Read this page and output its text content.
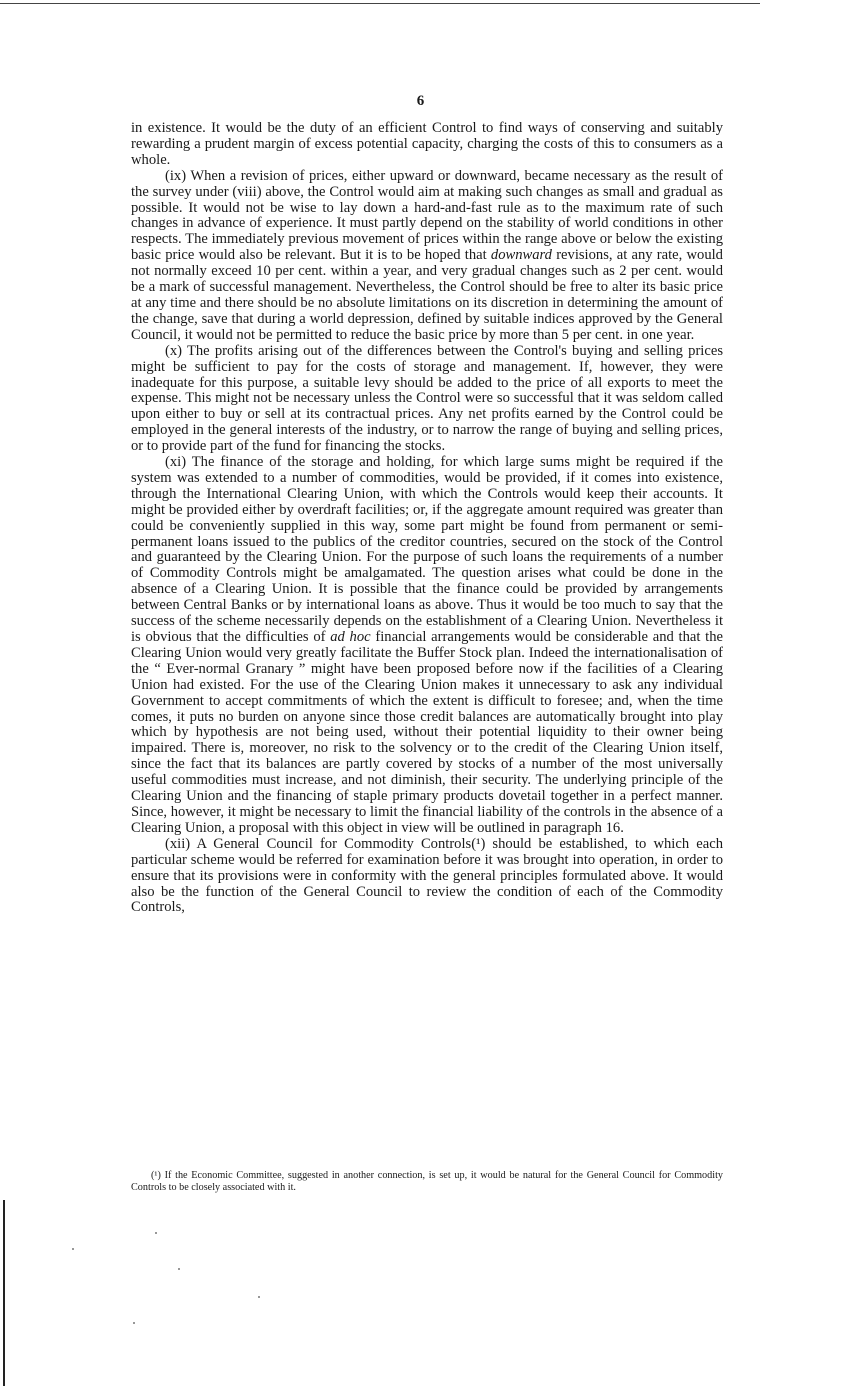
6

in existence. It would be the duty of an efficient Control to find ways of conserving and suitably rewarding a prudent margin of excess potential capacity, charging the costs of this to consumers as a whole.

(ix) When a revision of prices, either upward or downward, became necessary as the result of the survey under (viii) above, the Control would aim at making such changes as small and gradual as possible. It would not be wise to lay down a hard-and-fast rule as to the maximum rate of such changes in advance of experience. It must partly depend on the stability of world conditions in other respects. The immediately previous movement of prices within the range above or below the existing basic price would also be relevant. But it is to be hoped that downward revisions, at any rate, would not normally exceed 10 per cent. within a year, and very gradual changes such as 2 per cent. would be a mark of successful management. Nevertheless, the Control should be free to alter its basic price at any time and there should be no absolute limitations on its discretion in determining the amount of the change, save that during a world depression, defined by suitable indices approved by the General Council, it would not be permitted to reduce the basic price by more than 5 per cent. in one year.

(x) The profits arising out of the differences between the Control's buying and selling prices might be sufficient to pay for the costs of storage and management. If, however, they were inadequate for this purpose, a suitable levy should be added to the price of all exports to meet the expense. This might not be necessary unless the Control were so successful that it was seldom called upon either to buy or sell at its contractual prices. Any net profits earned by the Control could be employed in the general interests of the industry, or to narrow the range of buying and selling prices, or to provide part of the fund for financing the stocks.

(xi) The finance of the storage and holding, for which large sums might be required if the system was extended to a number of commodities, would be provided, if it comes into existence, through the International Clearing Union, with which the Controls would keep their accounts. It might be provided either by overdraft facilities; or, if the aggregate amount required was greater than could be conveniently supplied in this way, some part might be found from permanent or semi-permanent loans issued to the publics of the creditor countries, secured on the stock of the Control and guaranteed by the Clearing Union. For the purpose of such loans the requirements of a number of Commodity Controls might be amalgamated. The question arises what could be done in the absence of a Clearing Union. It is possible that the finance could be provided by arrangements between Central Banks or by international loans as above. Thus it would be too much to say that the success of the scheme necessarily depends on the establishment of a Clearing Union. Nevertheless it is obvious that the difficulties of ad hoc financial arrangements would be considerable and that the Clearing Union would very greatly facilitate the Buffer Stock plan. Indeed the internationalisation of the “ Ever-normal Granary ” might have been proposed before now if the facilities of a Clearing Union had existed. For the use of the Clearing Union makes it unnecessary to ask any individual Government to accept commitments of which the extent is difficult to foresee; and, when the time comes, it puts no burden on anyone since those credit balances are automatically brought into play which by hypothesis are not being used, without their potential liquidity to their owner being impaired. There is, moreover, no risk to the solvency or to the credit of the Clearing Union itself, since the fact that its balances are partly covered by stocks of a number of the most universally useful commodities must increase, and not diminish, their security. The underlying principle of the Clearing Union and the financing of staple primary products dovetail together in a perfect manner. Since, however, it might be necessary to limit the financial liability of the controls in the absence of a Clearing Union, a proposal with this object in view will be outlined in paragraph 16.

(xii) A General Council for Commodity Controls(¹) should be established, to which each particular scheme would be referred for examination before it was brought into operation, in order to ensure that its provisions were in conformity with the general principles formulated above. It would also be the function of the General Council to review the condition of each of the Commodity Controls,

(¹) If the Economic Committee, suggested in another connection, is set up, it would be natural for the General Council for Commodity Controls to be closely associated with it.
